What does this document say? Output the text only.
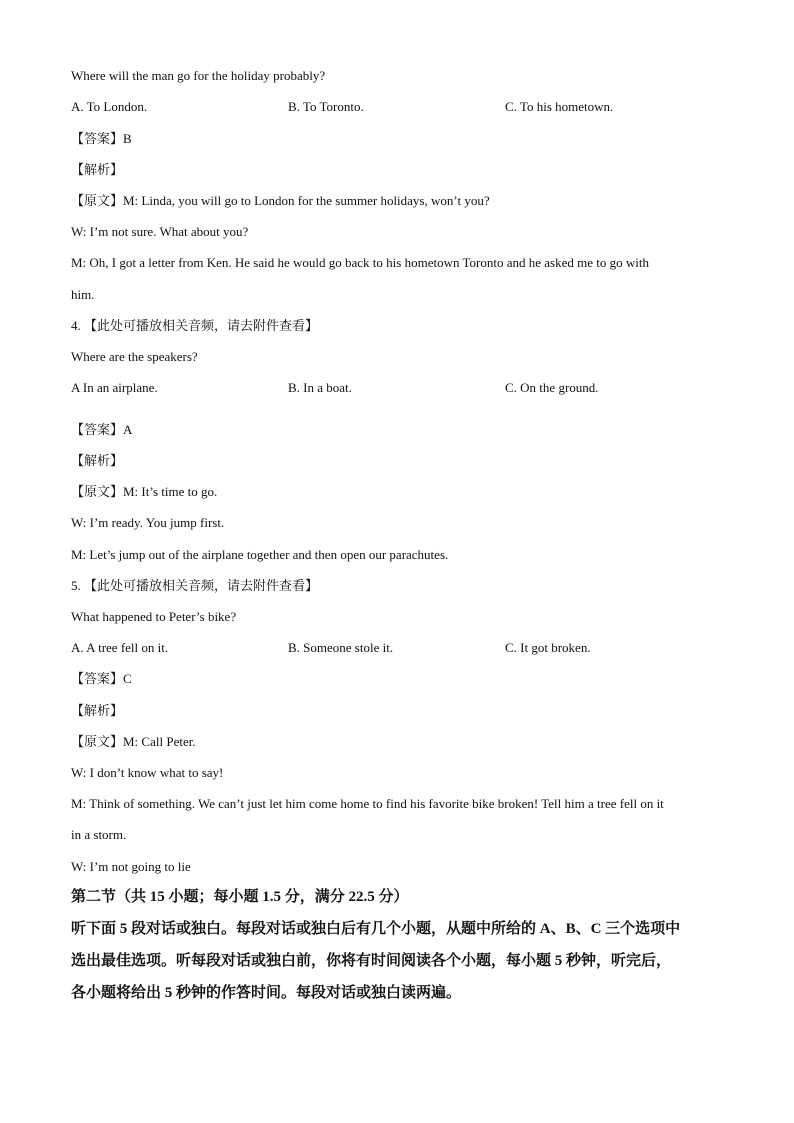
Where will the man go for the holiday probably?
A. To London.	B. To Toronto.	C. To his hometown.
【答案】B
【解析】
【原文】M: Linda, you will go to London for the summer holidays, won’t you?
W: I’m not sure. What about you?
M: Oh, I got a letter from Ken. He said he would go back to his hometown Toronto and he asked me to go with
him.
4. 【此处可播放相关音频，请去附件查看】
Where are the speakers?
A In an airplane.	B. In a boat.	C. On the ground.
【答案】A
【解析】
【原文】M: It’s time to go.
W: I’m ready. You jump first.
M: Let’s jump out of the airplane together and then open our parachutes.
5. 【此处可播放相关音频，请去附件查看】
What happened to Peter’s bike?
A. A tree fell on it.	B. Someone stole it.	C. It got broken.
【答案】C
【解析】
【原文】M: Call Peter.
W: I don’t know what to say!
M: Think of something. We can’t just let him come home to find his favorite bike broken! Tell him a tree fell on it
in a storm.
W: I’m not going to lie
第二节（共 15 小题；每小题 1.5 分，满分 22.5 分）
听下面 5 段对话或独白。每段对话或独白后有几个小题，从题中所给的 A、B、C 三个选项中
选出最佳选项。听每段对话或独白前，你将有时间阅读各个小题，每小题 5 秒钟，听完后，
各小题将给出 5 秒钟的作答时间。每段对话或独白读两遍。
